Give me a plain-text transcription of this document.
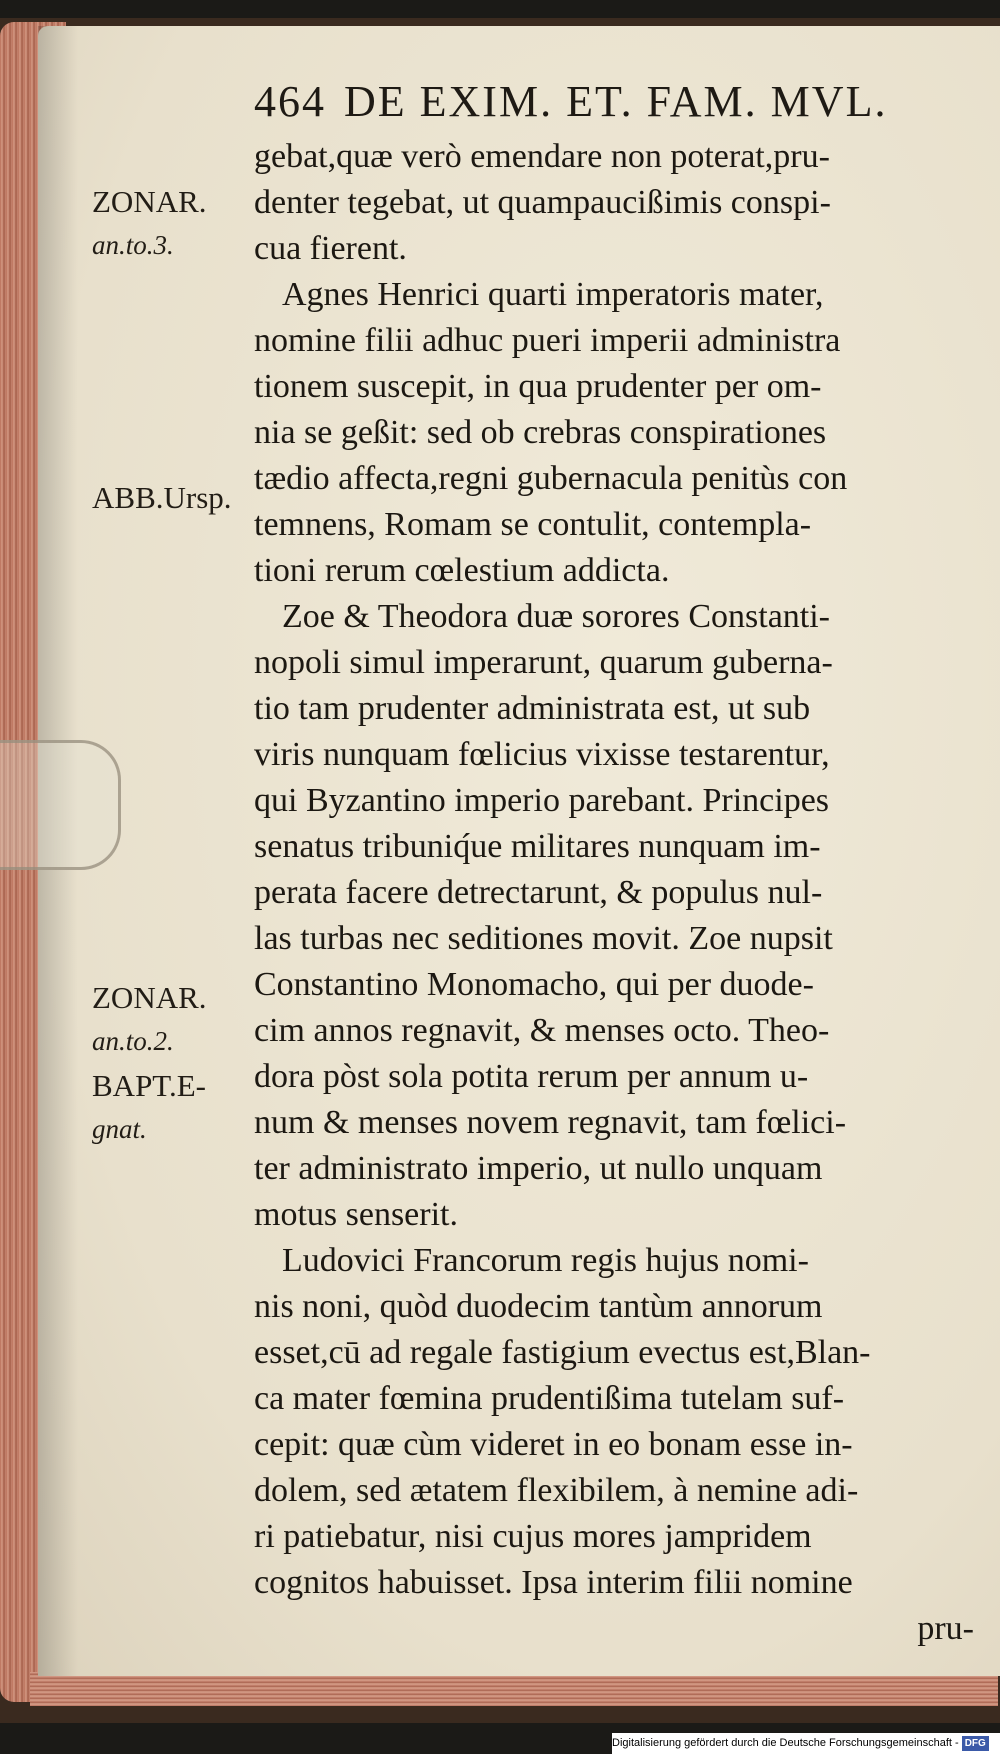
464 DE EXIM. ET. FAM. MVL.
ZONAR.
an.to.3.
ABB.Ursp.
ZONAR.
an.to.2.
BAPT.E-
gnat.
gebat,quæ verò emendare non poterat,pru-
denter tegebat, ut quampaucißimis conspi-
cua fierent.
Agnes Henrici quarti imperatoris mater,
nomine filii adhuc pueri imperii administra
tionem suscepit, in qua prudenter per om-
nia se geßit: sed ob crebras conspirationes
tædio affecta,regni gubernacula penitùs con
temnens, Romam se contulit, contempla-
tioni rerum cœlestium addicta.
Zoe & Theodora duæ sorores Constanti-
nopoli simul imperarunt, quarum guberna-
tio tam prudenter administrata est, ut sub
viris nunquam fœlicius vixisse testarentur,
qui Byzantino imperio parebant. Principes
senatus tribuniq́ue militares nunquam im-
perata facere detrectarunt, & populus nul-
las turbas nec seditiones movit. Zoe nupsit
Constantino Monomacho, qui per duode-
cim annos regnavit, & menses octo. Theo-
dora pòst sola potita rerum per annum u-
num & menses novem regnavit, tam fœlici-
ter administrato imperio, ut nullo unquam
motus senserit.
Ludovici Francorum regis hujus nomi-
nis noni, quòd duodecim tantùm annorum
esset,cū ad regale fastigium evectus est,Blan-
ca mater fœmina prudentißima tutelam suf-
cepit: quæ cùm videret in eo bonam esse in-
dolem, sed ætatem flexibilem, à nemine adi-
ri patiebatur, nisi cujus mores jampridem
cognitos habuisset. Ipsa interim filii nomine
pru-
Digitalisierung gefördert durch die Deutsche Forschungsgemeinschaft - DFG
